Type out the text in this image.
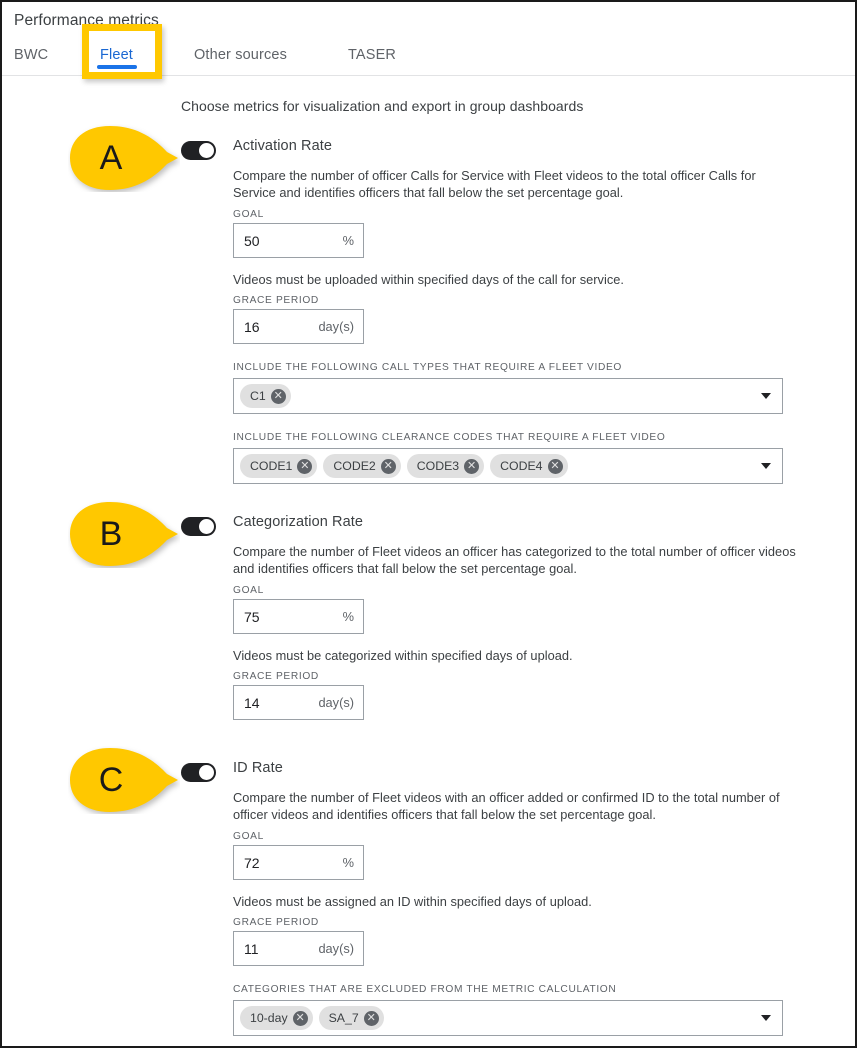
Performance metrics
BWC	Fleet	Other sources	TASER
Choose metrics for visualization and export in group dashboards
Activation Rate

Compare the number of officer Calls for Service with Fleet videos to the total officer Calls for Service and identifies officers that fall below the set percentage goal.

GOAL
50	%
Videos must be uploaded within specified days of the call for service.
GRACE PERIOD
16	day(s)
INCLUDE THE FOLLOWING CALL TYPES THAT REQUIRE A FLEET VIDEO
C1 ✕
INCLUDE THE FOLLOWING CLEARANCE CODES THAT REQUIRE A FLEET VIDEO
CODE1 ✕ CODE2 ✕ CODE3 ✕ CODE4 ✕
Categorization Rate

Compare the number of Fleet videos an officer has categorized to the total number of officer videos and identifies officers that fall below the set percentage goal.

GOAL
75	%
Videos must be categorized within specified days of upload.
GRACE PERIOD
14	day(s)
ID Rate

Compare the number of Fleet videos with an officer added or confirmed ID to the total number of officer videos and identifies officers that fall below the set percentage goal.

GOAL
72	%
Videos must be assigned an ID within specified days of upload.
GRACE PERIOD
11	day(s)
CATEGORIES THAT ARE EXCLUDED FROM THE METRIC CALCULATION
10-day ✕ SA_7 ✕
A
B
C
